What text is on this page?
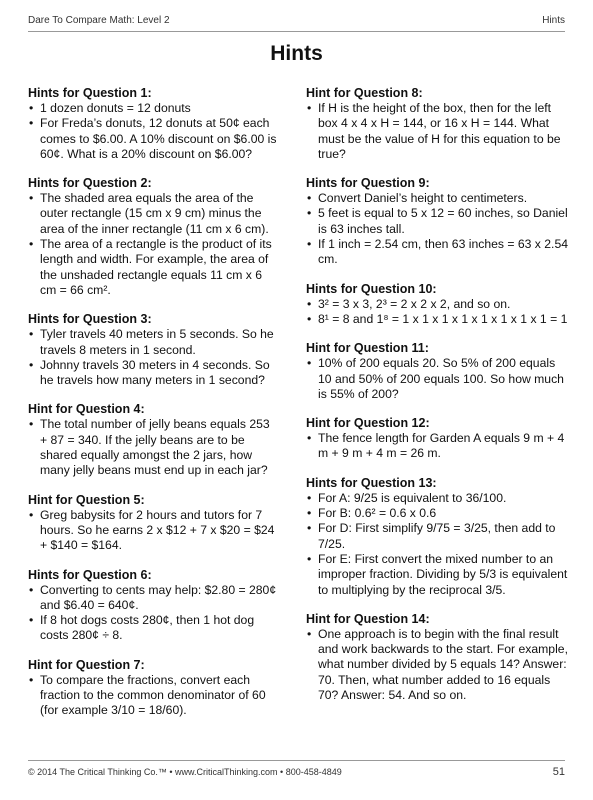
Dare To Compare Math: Level 2	Hints
Hints
Hints for Question 1:
• 1 dozen donuts = 12 donuts
• For Freda’s donuts, 12 donuts at 50¢ each comes to $6.00. A 10% discount on $6.00 is 60¢. What is a 20% discount on $6.00?
Hints for Question 2:
• The shaded area equals the area of the outer rectangle (15 cm x 9 cm) minus the area of the inner rectangle (11 cm x 6 cm).
• The area of a rectangle is the product of its length and width. For example, the area of the unshaded rectangle equals 11 cm x 6 cm = 66 cm².
Hints for Question 3:
• Tyler travels 40 meters in 5 seconds. So he travels 8 meters in 1 second.
• Johnny travels 30 meters in 4 seconds. So he travels how many meters in 1 second?
Hint for Question 4:
• The total number of jelly beans equals 253 + 87 = 340. If the jelly beans are to be shared equally amongst the 2 jars, how many jelly beans must end up in each jar?
Hint for Question 5:
• Greg babysits for 2 hours and tutors for 7 hours. So he earns 2 x $12 + 7 x $20 = $24 + $140 = $164.
Hints for Question 6:
• Converting to cents may help: $2.80 = 280¢ and $6.40 = 640¢.
• If 8 hot dogs costs 280¢, then 1 hot dog costs 280¢ ÷ 8.
Hint for Question 7:
• To compare the fractions, convert each fraction to the common denominator of 60 (for example 3/10 = 18/60).
Hint for Question 8:
• If H is the height of the box, then for the left box 4 x 4 x H = 144, or 16 x H = 144. What must be the value of H for this equation to be true?
Hints for Question 9:
• Convert Daniel’s height to centimeters.
• 5 feet is equal to 5 x 12 = 60 inches, so Daniel is 63 inches tall.
• If 1 inch = 2.54 cm, then 63 inches = 63 x 2.54 cm.
Hints for Question 10:
• 3² = 3 x 3, 2³ = 2 x 2 x 2, and so on.
• 8¹ = 8 and 1⁸ = 1 x 1 x 1 x 1 x 1 x 1 x 1 x 1 = 1
Hint for Question 11:
• 10% of 200 equals 20. So 5% of 200 equals 10 and 50% of 200 equals 100. So how much is 55% of 200?
Hint for Question 12:
• The fence length for Garden A equals 9 m + 4 m + 9 m + 4 m = 26 m.
Hints for Question 13:
• For A: 9/25 is equivalent to 36/100.
• For B: 0.6² = 0.6 x 0.6
• For D: First simplify 9/75 = 3/25, then add to 7/25.
• For E: First convert the mixed number to an improper fraction. Dividing by 5/3 is equivalent to multiplying by the reciprocal 3/5.
Hint for Question 14:
• One approach is to begin with the final result and work backwards to the start. For example, what number divided by 5 equals 14? Answer: 70. Then, what number added to 16 equals 70? Answer: 54. And so on.
© 2014 The Critical Thinking Co.™ • www.CriticalThinking.com • 800-458-4849	51
